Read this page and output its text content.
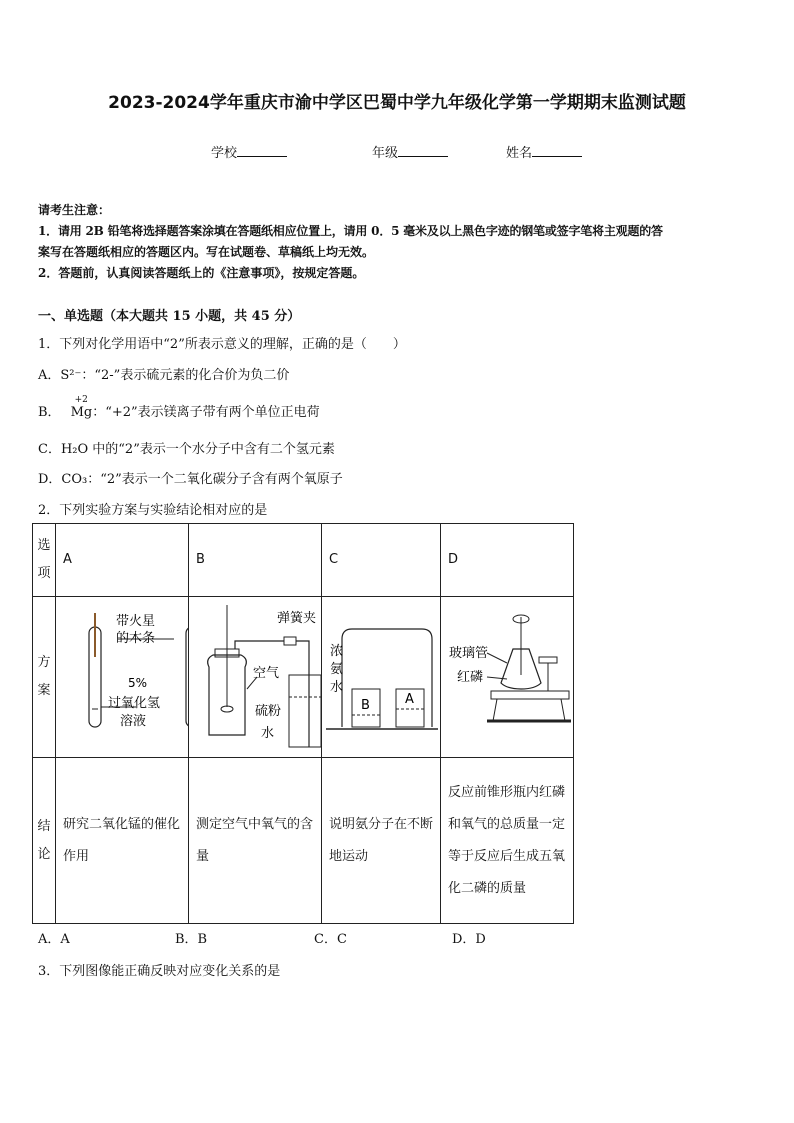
2023-2024学年重庆市渝中学区巴蜀中学九年级化学第一学期期末监测试题
学校	年级	姓名
请考生注意：
1．请用 2B 铅笔将选择题答案涂填在答题纸相应位置上，请用 0．5 毫米及以上黑色字迹的钢笔或签字笔将主观题的答
案写在答题纸相应的答题区内。写在试题卷、草稿纸上均无效。
2．答题前，认真阅读答题纸上的《注意事项》，按规定答题。
一、单选题（本大题共 15 小题，共 45 分）
1．下列对化学用语中“2”所表示意义的理解，正确的是（　　）
A．S²⁻：“2-”表示硫元素的化合价为负二价
B．
+2
Mg：“+2”表示镁离子带有两个单位正电荷
C．H₂O 中的“2”表示一个水分子中含有二个氢元素
D．CO₃：“2”表示一个二氧化碳分子含有两个氧原子
2．下列实验方案与实验结论相对应的是
选项	A	B	C	D
方案	带火星
的木条
5%
过氧化氢
溶液	弹簧夹
空气
硫粉
水	浓
氨
水
B A	玻璃管
红磷

结论	研究二氧化锰的催化作用	测定空气中氧气的含量	说明氨分子在不断地运动	反应前锥形瓶内红磷和氧气的总质量一定等于反应后生成五氧化二磷的质量
A．A	B．B	C．C	D．D
3．下列图像能正确反映对应变化关系的是
